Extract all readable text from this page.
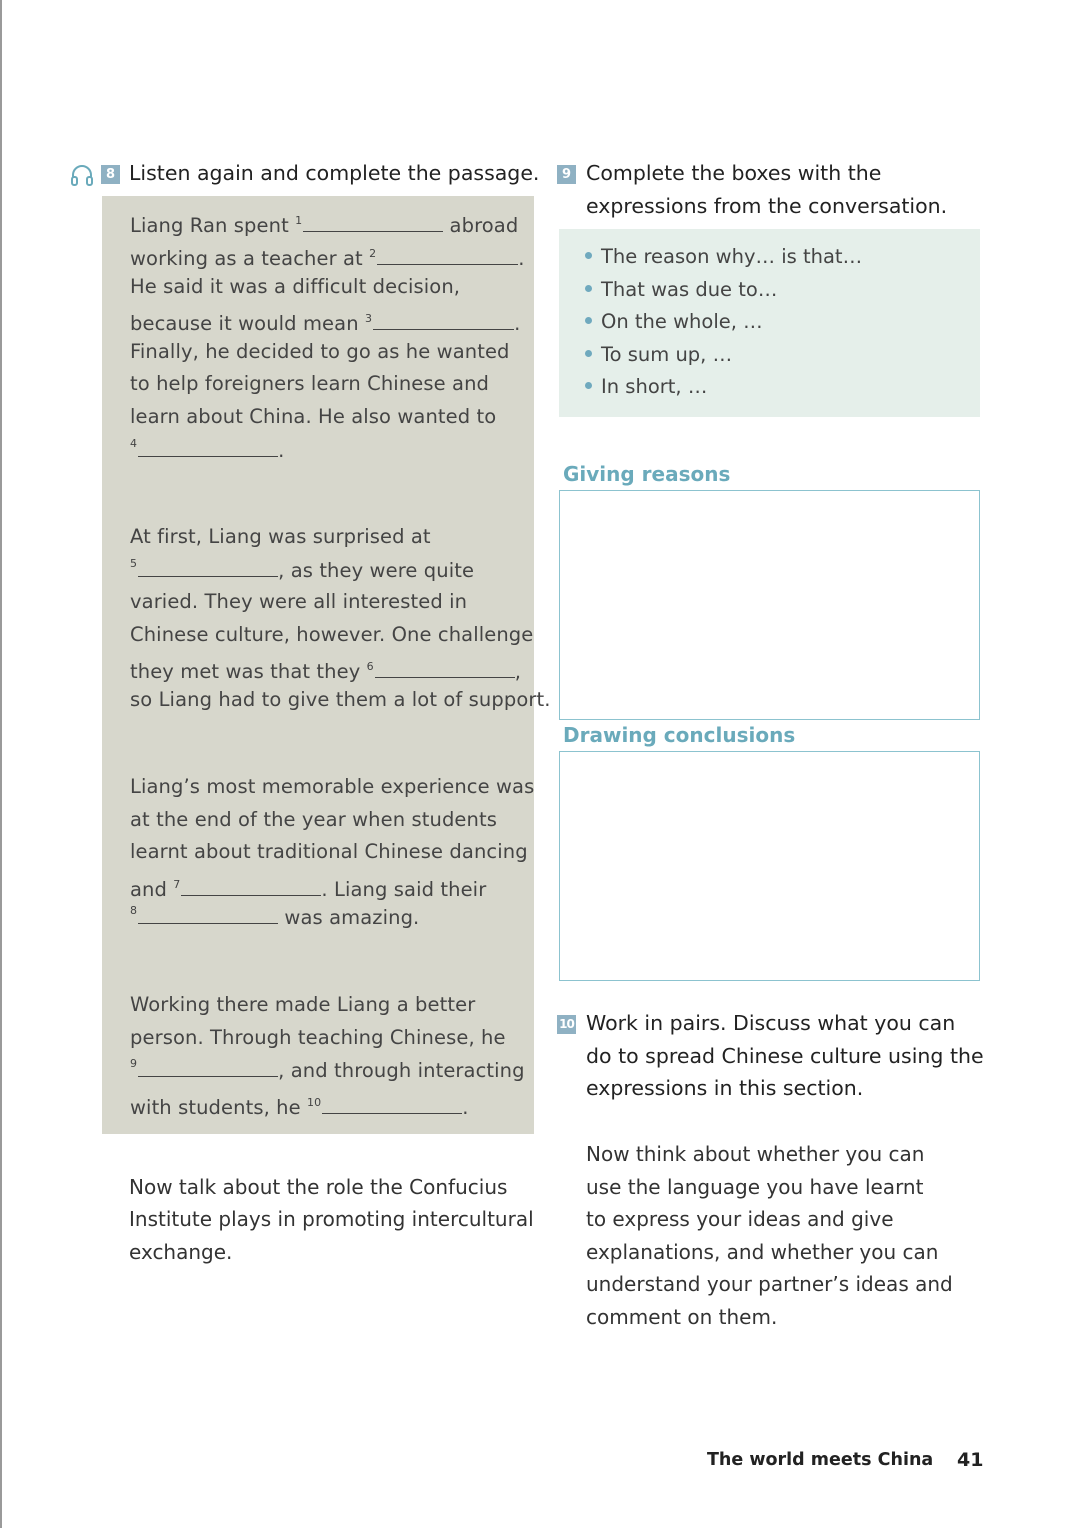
8 Listen again and complete the passage.
Liang Ran spent $^1$	abroad
working as a teacher at $^2$	.
He said it was a difficult decision,
because it would mean $^3$	.
Finally, he decided to go as he wanted
to help foreigners learn Chinese and
learn about China. He also wanted to
$^4$	.
At first, Liang was surprised at
$^5$	, as they were quite
varied. They were all interested in
Chinese culture, however. One challenge
they met was that they $^6$	,
so Liang had to give them a lot of support.
Liang’s most memorable experience was
at the end of the year when students
learnt about traditional Chinese dancing
and $^7$	. Liang said their
$^8$	was amazing.
Working there made Liang a better
person. Through teaching Chinese, he
$^9$	, and through interacting
with students, he $^{10}$	.
Now talk about the role the Confucius
Institute plays in promoting intercultural
exchange.
9 Complete the boxes with the
expressions from the conversation.
The reason why… is that…
That was due to…
On the whole, …
To sum up, …
In short, …
Giving reasons
Drawing conclusions
10 Work in pairs. Discuss what you can
do to spread Chinese culture using the
expressions in this section.
Now think about whether you can
use the language you have learnt
to express your ideas and give
explanations, and whether you can
understand your partner’s ideas and
comment on them.
The world meets China 41
